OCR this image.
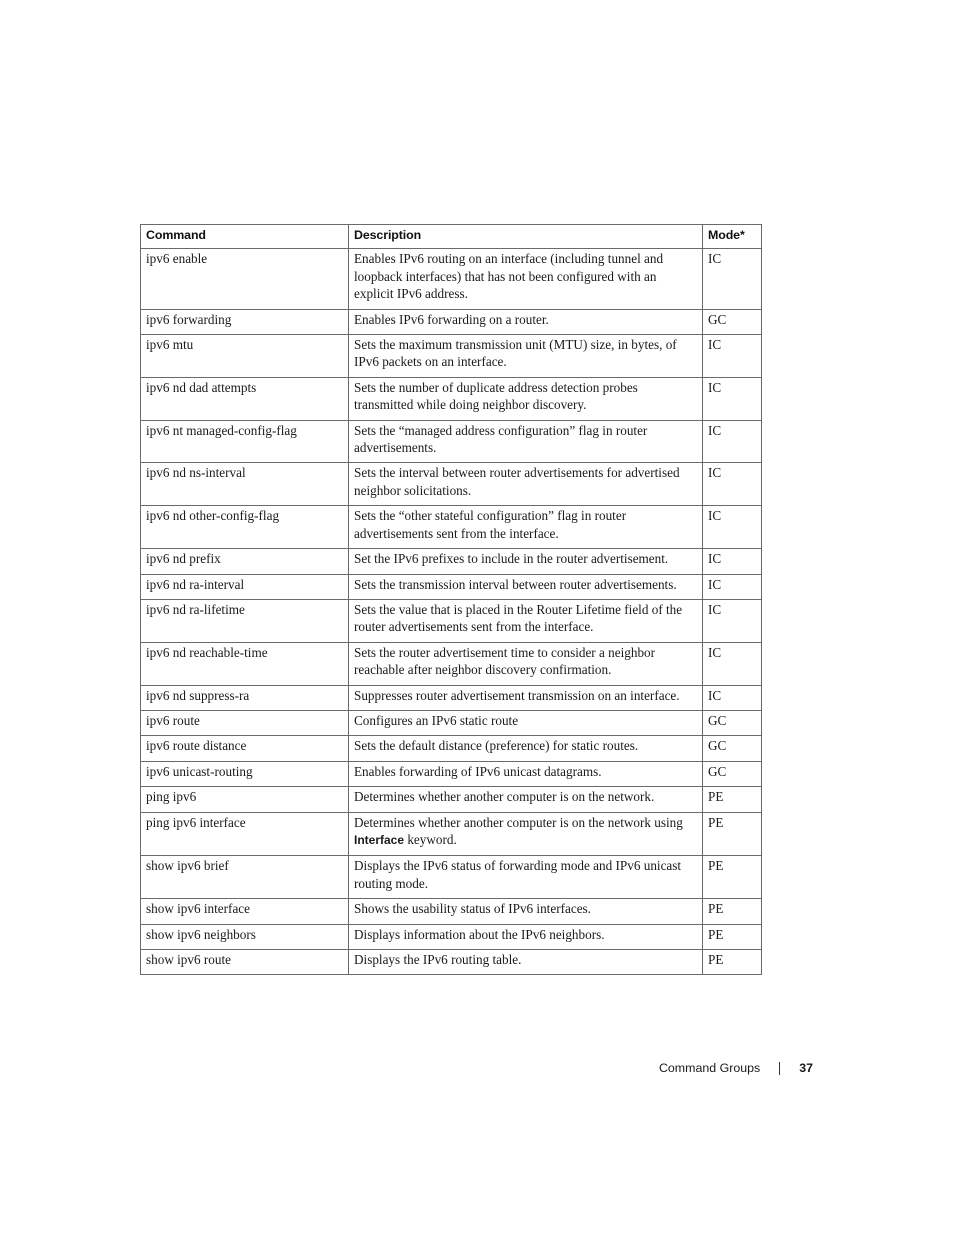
Command	Description	Mode*
ipv6 enable	Enables IPv6 routing on an interface (including tunnel and loopback interfaces) that has not been configured with an explicit IPv6 address.	IC
ipv6 forwarding	Enables IPv6 forwarding on a router.	GC
ipv6 mtu	Sets the maximum transmission unit (MTU) size, in bytes, of IPv6 packets on an interface.	IC
ipv6 nd dad attempts	Sets the number of duplicate address detection probes transmitted while doing neighbor discovery.	IC
ipv6 nt managed-config-flag	Sets the “managed address configuration” flag in router advertisements.	IC
ipv6 nd ns-interval	Sets the interval between router advertisements for advertised neighbor solicitations.	IC
ipv6 nd other-config-flag	Sets the “other stateful configuration” flag in router advertisements sent from the interface.	IC
ipv6 nd prefix	Set the IPv6 prefixes to include in the router advertisement.	IC
ipv6 nd ra-interval	Sets the transmission interval between router advertisements.	IC
ipv6 nd ra-lifetime	Sets the value that is placed in the Router Lifetime field of the router advertisements sent from the interface.	IC
ipv6 nd reachable-time	Sets the router advertisement time to consider a neighbor reachable after neighbor discovery confirmation.	IC
ipv6 nd suppress-ra	Suppresses router advertisement transmission on an interface.	IC
ipv6 route	Configures an IPv6 static route	GC
ipv6 route distance	Sets the default distance (preference) for static routes.	GC
ipv6 unicast-routing	Enables forwarding of IPv6 unicast datagrams.	GC
ping ipv6	Determines whether another computer is on the network.	PE
ping ipv6 interface	Determines whether another computer is on the network using Interface keyword.	PE
show ipv6 brief	Displays the IPv6 status of forwarding mode and IPv6 unicast routing mode.	PE
show ipv6 interface	Shows the usability status of IPv6 interfaces.	PE
show ipv6 neighbors	Displays information about the IPv6 neighbors.	PE
show ipv6 route	Displays the IPv6 routing table.	PE
Command Groups	37
